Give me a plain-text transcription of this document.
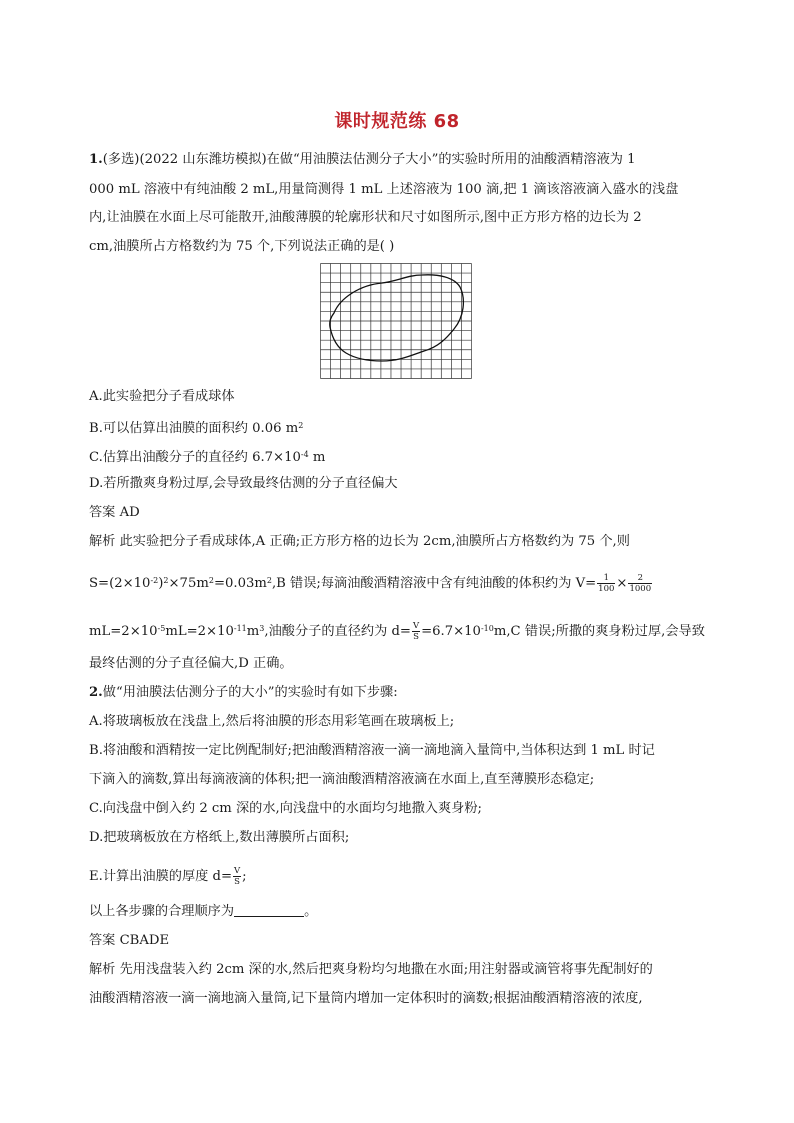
课时规范练 68
1.(多选)(2022 山东潍坊模拟)在做“用油膜法估测分子大小”的实验时所用的油酸酒精溶液为 1
000 mL 溶液中有纯油酸 2 mL,用量筒测得 1 mL 上述溶液为 100 滴,把 1 滴该溶液滴入盛水的浅盘
内,让油膜在水面上尽可能散开,油酸薄膜的轮廓形状和尺寸如图所示,图中正方形方格的边长为 2
cm,油膜所占方格数约为 75 个,下列说法正确的是( )
A.此实验把分子看成球体
B.可以估算出油膜的面积约 0.06 $m^2$
C.估算出油酸分子的直径约 $6.7\times 10^{-4}$ m
D.若所撒爽身粉过厚,会导致最终估测的分子直径偏大
答案 AD
解析 此实验把分子看成球体,A 正确;正方形方格的边长为 2cm,油膜所占方格数约为 75 个,则
$S=(2\times 10^{-2})^2\times 75m^2=0.03m^2,B$ 错误;每滴油酸酒精溶液中含有纯油酸的体积约为 $V= \frac{1}{100} \times \frac{2}{1000}$
$mL=2\times 10^{-5}mL=2\times 10^{-11}m^3$,油酸分子的直径约为 $d= \frac{V}{S} =6.7\times 10^{-10}m,C$ 错误;所撒的爽身粉过厚,会导致
最终估测的分子直径偏大,D 正确。
2.做“用油膜法估测分子的大小”的实验时有如下步骤:
A.将玻璃板放在浅盘上,然后将油膜的形态用彩笔画在玻璃板上;
B.将油酸和酒精按一定比例配制好;把油酸酒精溶液一滴一滴地滴入量筒中,当体积达到 1 mL 时记
下滴入的滴数,算出每滴液滴的体积;把一滴油酸酒精溶液滴在水面上,直至薄膜形态稳定;
C.向浅盘中倒入约 2 cm 深的水,向浅盘中的水面均匀地撒入爽身粉;
D.把玻璃板放在方格纸上,数出薄膜所占面积;
E.计算出油膜的厚度 $d= \frac{V}{S}$ ;
以上各步骤的合理顺序为	。
答案 CBADE
解析 先用浅盘装入约 2cm 深的水,然后把爽身粉均匀地撒在水面;用注射器或滴管将事先配制好的
油酸酒精溶液一滴一滴地滴入量筒,记下量筒内增加一定体积时的滴数;根据油酸酒精溶液的浓度,
